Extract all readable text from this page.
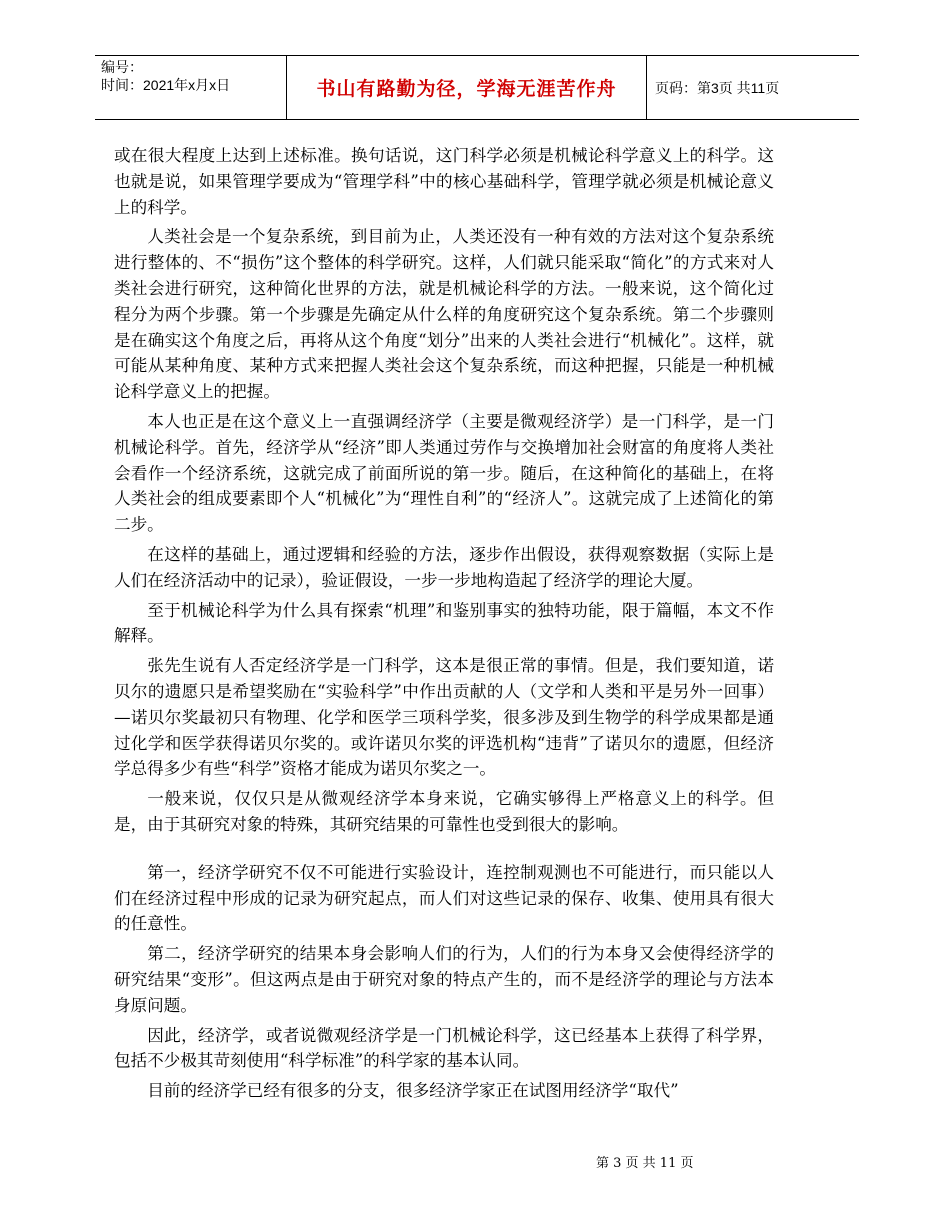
编号：
时间：2021年x月x日	书山有路勤为径，学海无涯苦作舟	页码：第3页 共11页

或在很大程度上达到上述标准。换句话说，这门科学必须是机械论科学意义上的科学。这也就是说，如果管理学要成为“管理学科”中的核心基础科学，管理学就必须是机械论意义上的科学。

人类社会是一个复杂系统，到目前为止，人类还没有一种有效的方法对这个复杂系统进行整体的、不“损伤”这个整体的科学研究。这样，人们就只能采取“简化”的方式来对人类社会进行研究，这种简化世界的方法，就是机械论科学的方法。一般来说，这个简化过程分为两个步骤。第一个步骤是先确定从什么样的角度研究这个复杂系统。第二个步骤则是在确实这个角度之后，再将从这个角度“划分”出来的人类社会进行“机械化”。这样，就可能从某种角度、某种方式来把握人类社会这个复杂系统，而这种把握，只能是一种机械论科学意义上的把握。

本人也正是在这个意义上一直强调经济学（主要是微观经济学）是一门科学，是一门机械论科学。首先，经济学从“经济”即人类通过劳作与交换增加社会财富的角度将人类社会看作一个经济系统，这就完成了前面所说的第一步。随后，在这种简化的基础上，在将人类社会的组成要素即个人“机械化”为“理性自利”的“经济人”。这就完成了上述简化的第二步。

在这样的基础上，通过逻辑和经验的方法，逐步作出假设，获得观察数据（实际上是人们在经济活动中的记录），验证假设，一步一步地构造起了经济学的理论大厦。

至于机械论科学为什么具有探索“机理”和鉴别事实的独特功能，限于篇幅，本文不作解释。

张先生说有人否定经济学是一门科学，这本是很正常的事情。但是，我们要知道，诺贝尔的遗愿只是希望奖励在“实验科学”中作出贡献的人（文学和人类和平是另外一回事）—诺贝尔奖最初只有物理、化学和医学三项科学奖，很多涉及到生物学的科学成果都是通过化学和医学获得诺贝尔奖的。或许诺贝尔奖的评选机构“违背”了诺贝尔的遗愿，但经济学总得多少有些“科学”资格才能成为诺贝尔奖之一。

一般来说，仅仅只是从微观经济学本身来说，它确实够得上严格意义上的科学。但是，由于其研究对象的特殊，其研究结果的可靠性也受到很大的影响。

第一，经济学研究不仅不可能进行实验设计，连控制观测也不可能进行，而只能以人们在经济过程中形成的记录为研究起点，而人们对这些记录的保存、收集、使用具有很大的任意性。

第二，经济学研究的结果本身会影响人们的行为，人们的行为本身又会使得经济学的研究结果“变形”。但这两点是由于研究对象的特点产生的，而不是经济学的理论与方法本身原问题。

因此，经济学，或者说微观经济学是一门机械论科学，这已经基本上获得了科学界，包括不少极其苛刻使用“科学标准”的科学家的基本认同。

目前的经济学已经有很多的分支，很多经济学家正在试图用经济学“取代”

第 3 页 共 11 页
